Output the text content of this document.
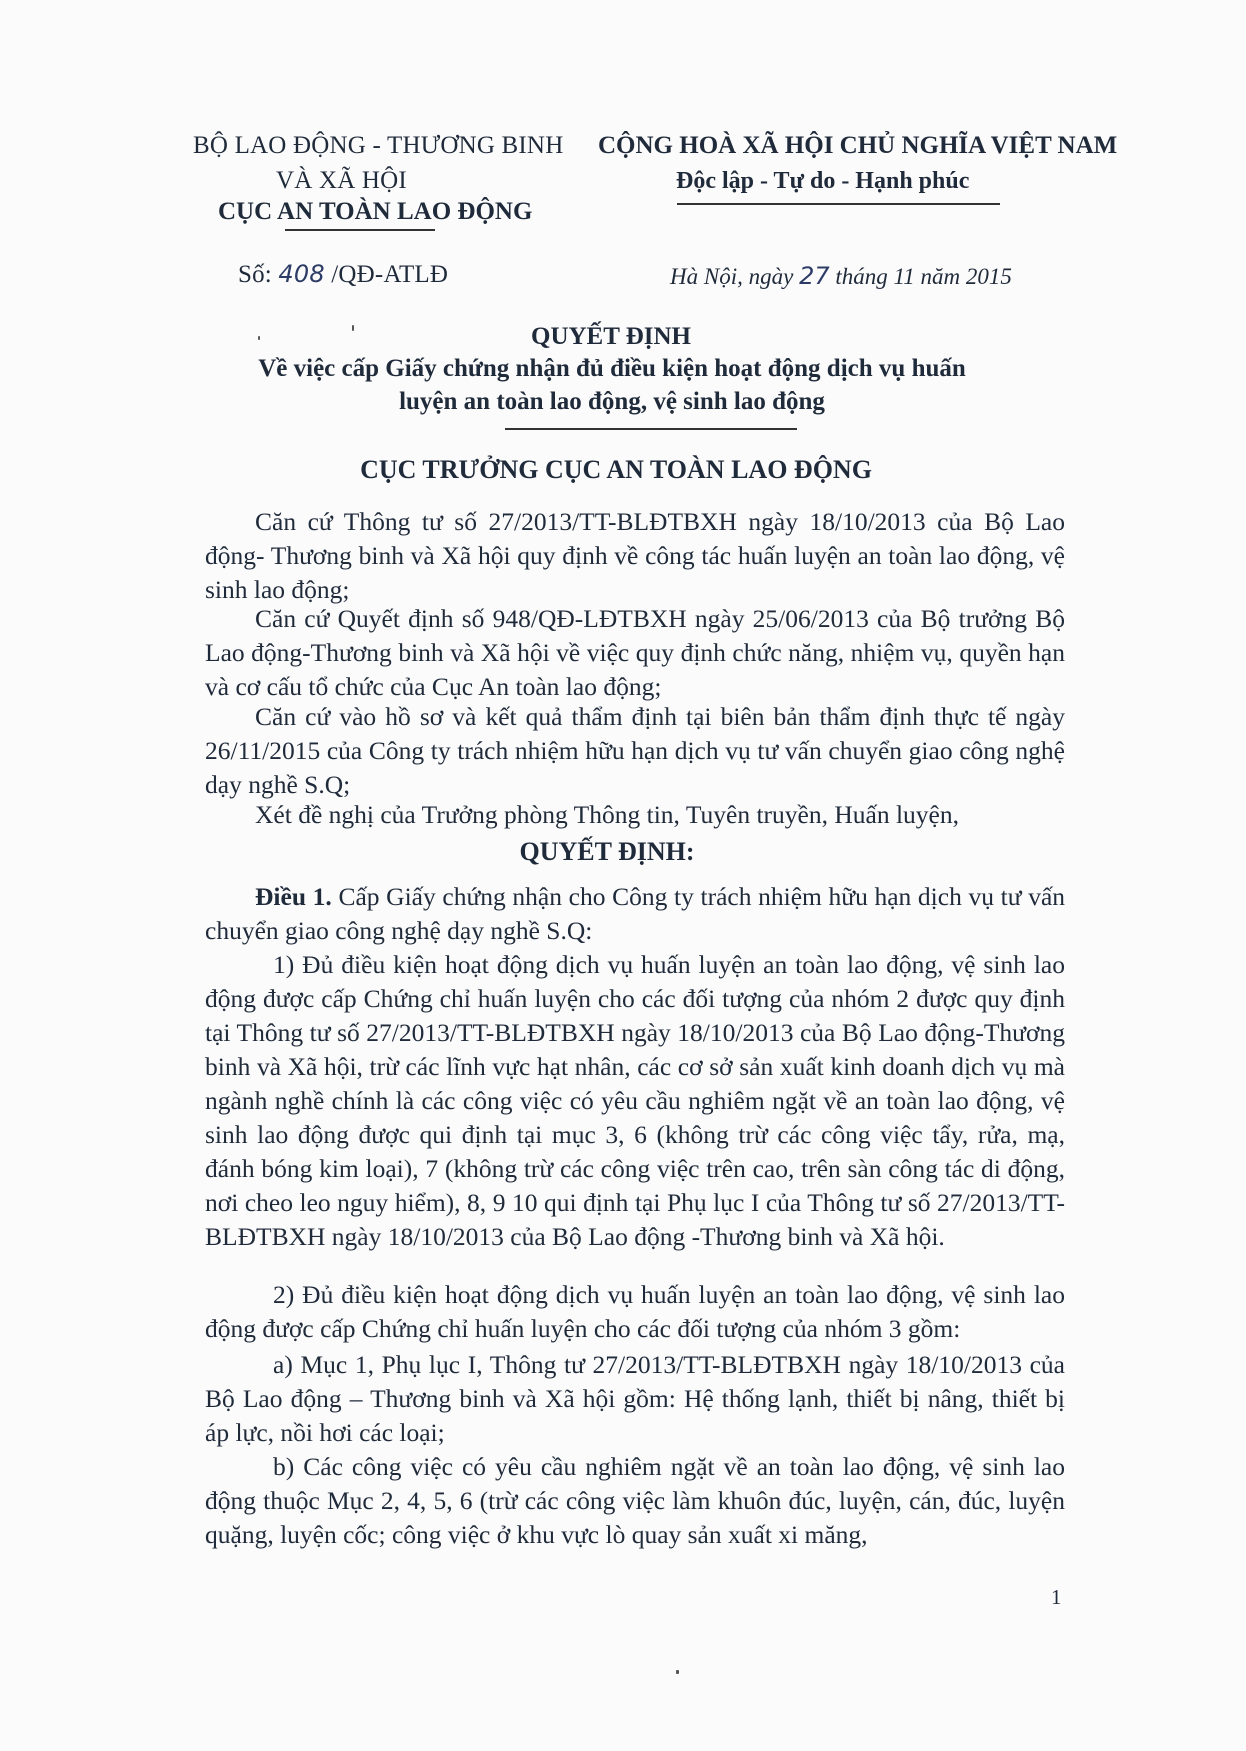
BỘ LAO ĐỘNG - THƯƠNG BINH
VÀ XÃ HỘI
CỤC AN TOÀN LAO ĐỘNG
CỘNG HOÀ XÃ HỘI CHỦ NGHĨA VIỆT NAM
Độc lập - Tự do - Hạnh phúc
Số: 408 /QĐ-ATLĐ	Hà Nội, ngày 27 tháng 11 năm 2015
QUYẾT ĐỊNH
Về việc cấp Giấy chứng nhận đủ điều kiện hoạt động dịch vụ huấn
luyện an toàn lao động, vệ sinh lao động
CỤC TRƯỞNG CỤC AN TOÀN LAO ĐỘNG
Căn cứ Thông tư số 27/2013/TT-BLĐTBXH ngày 18/10/2013 của Bộ Lao động- Thương binh và Xã hội quy định về công tác huấn luyện an toàn lao động, vệ sinh lao động;
Căn cứ Quyết định số 948/QĐ-LĐTBXH ngày 25/06/2013 của Bộ trưởng Bộ Lao động-Thương binh và Xã hội về việc quy định chức năng, nhiệm vụ, quyền hạn và cơ cấu tổ chức của Cục An toàn lao động;
Căn cứ vào hồ sơ và kết quả thẩm định tại biên bản thẩm định thực tế ngày 26/11/2015 của Công ty trách nhiệm hữu hạn dịch vụ tư vấn chuyển giao công nghệ dạy nghề S.Q;
Xét đề nghị của Trưởng phòng Thông tin, Tuyên truyền, Huấn luyện,
QUYẾT ĐỊNH:
Điều 1. Cấp Giấy chứng nhận cho Công ty trách nhiệm hữu hạn dịch vụ tư vấn chuyển giao công nghệ dạy nghề S.Q:
1) Đủ điều kiện hoạt động dịch vụ huấn luyện an toàn lao động, vệ sinh lao động được cấp Chứng chỉ huấn luyện cho các đối tượng của nhóm 2 được quy định tại Thông tư số 27/2013/TT-BLĐTBXH ngày 18/10/2013 của Bộ Lao động-Thương binh và Xã hội, trừ các lĩnh vực hạt nhân, các cơ sở sản xuất kinh doanh dịch vụ mà ngành nghề chính là các công việc có yêu cầu nghiêm ngặt về an toàn lao động, vệ sinh lao động được qui định tại mục 3, 6 (không trừ các công việc tẩy, rửa, mạ, đánh bóng kim loại), 7 (không trừ các công việc trên cao, trên sàn công tác di động, nơi cheo leo nguy hiểm), 8, 9 10 qui định tại Phụ lục I của Thông tư số 27/2013/TT-BLĐTBXH ngày 18/10/2013 của Bộ Lao động -Thương binh và Xã hội.
2) Đủ điều kiện hoạt động dịch vụ huấn luyện an toàn lao động, vệ sinh lao động được cấp Chứng chỉ huấn luyện cho các đối tượng của nhóm 3 gồm:
a) Mục 1, Phụ lục I, Thông tư 27/2013/TT-BLĐTBXH ngày 18/10/2013 của Bộ Lao động – Thương binh và Xã hội gồm: Hệ thống lạnh, thiết bị nâng, thiết bị áp lực, nồi hơi các loại;
b) Các công việc có yêu cầu nghiêm ngặt về an toàn lao động, vệ sinh lao động thuộc Mục 2, 4, 5, 6 (trừ các công việc làm khuôn đúc, luyện, cán, đúc, luyện quặng, luyện cốc; công việc ở khu vực lò quay sản xuất xi măng,
1
